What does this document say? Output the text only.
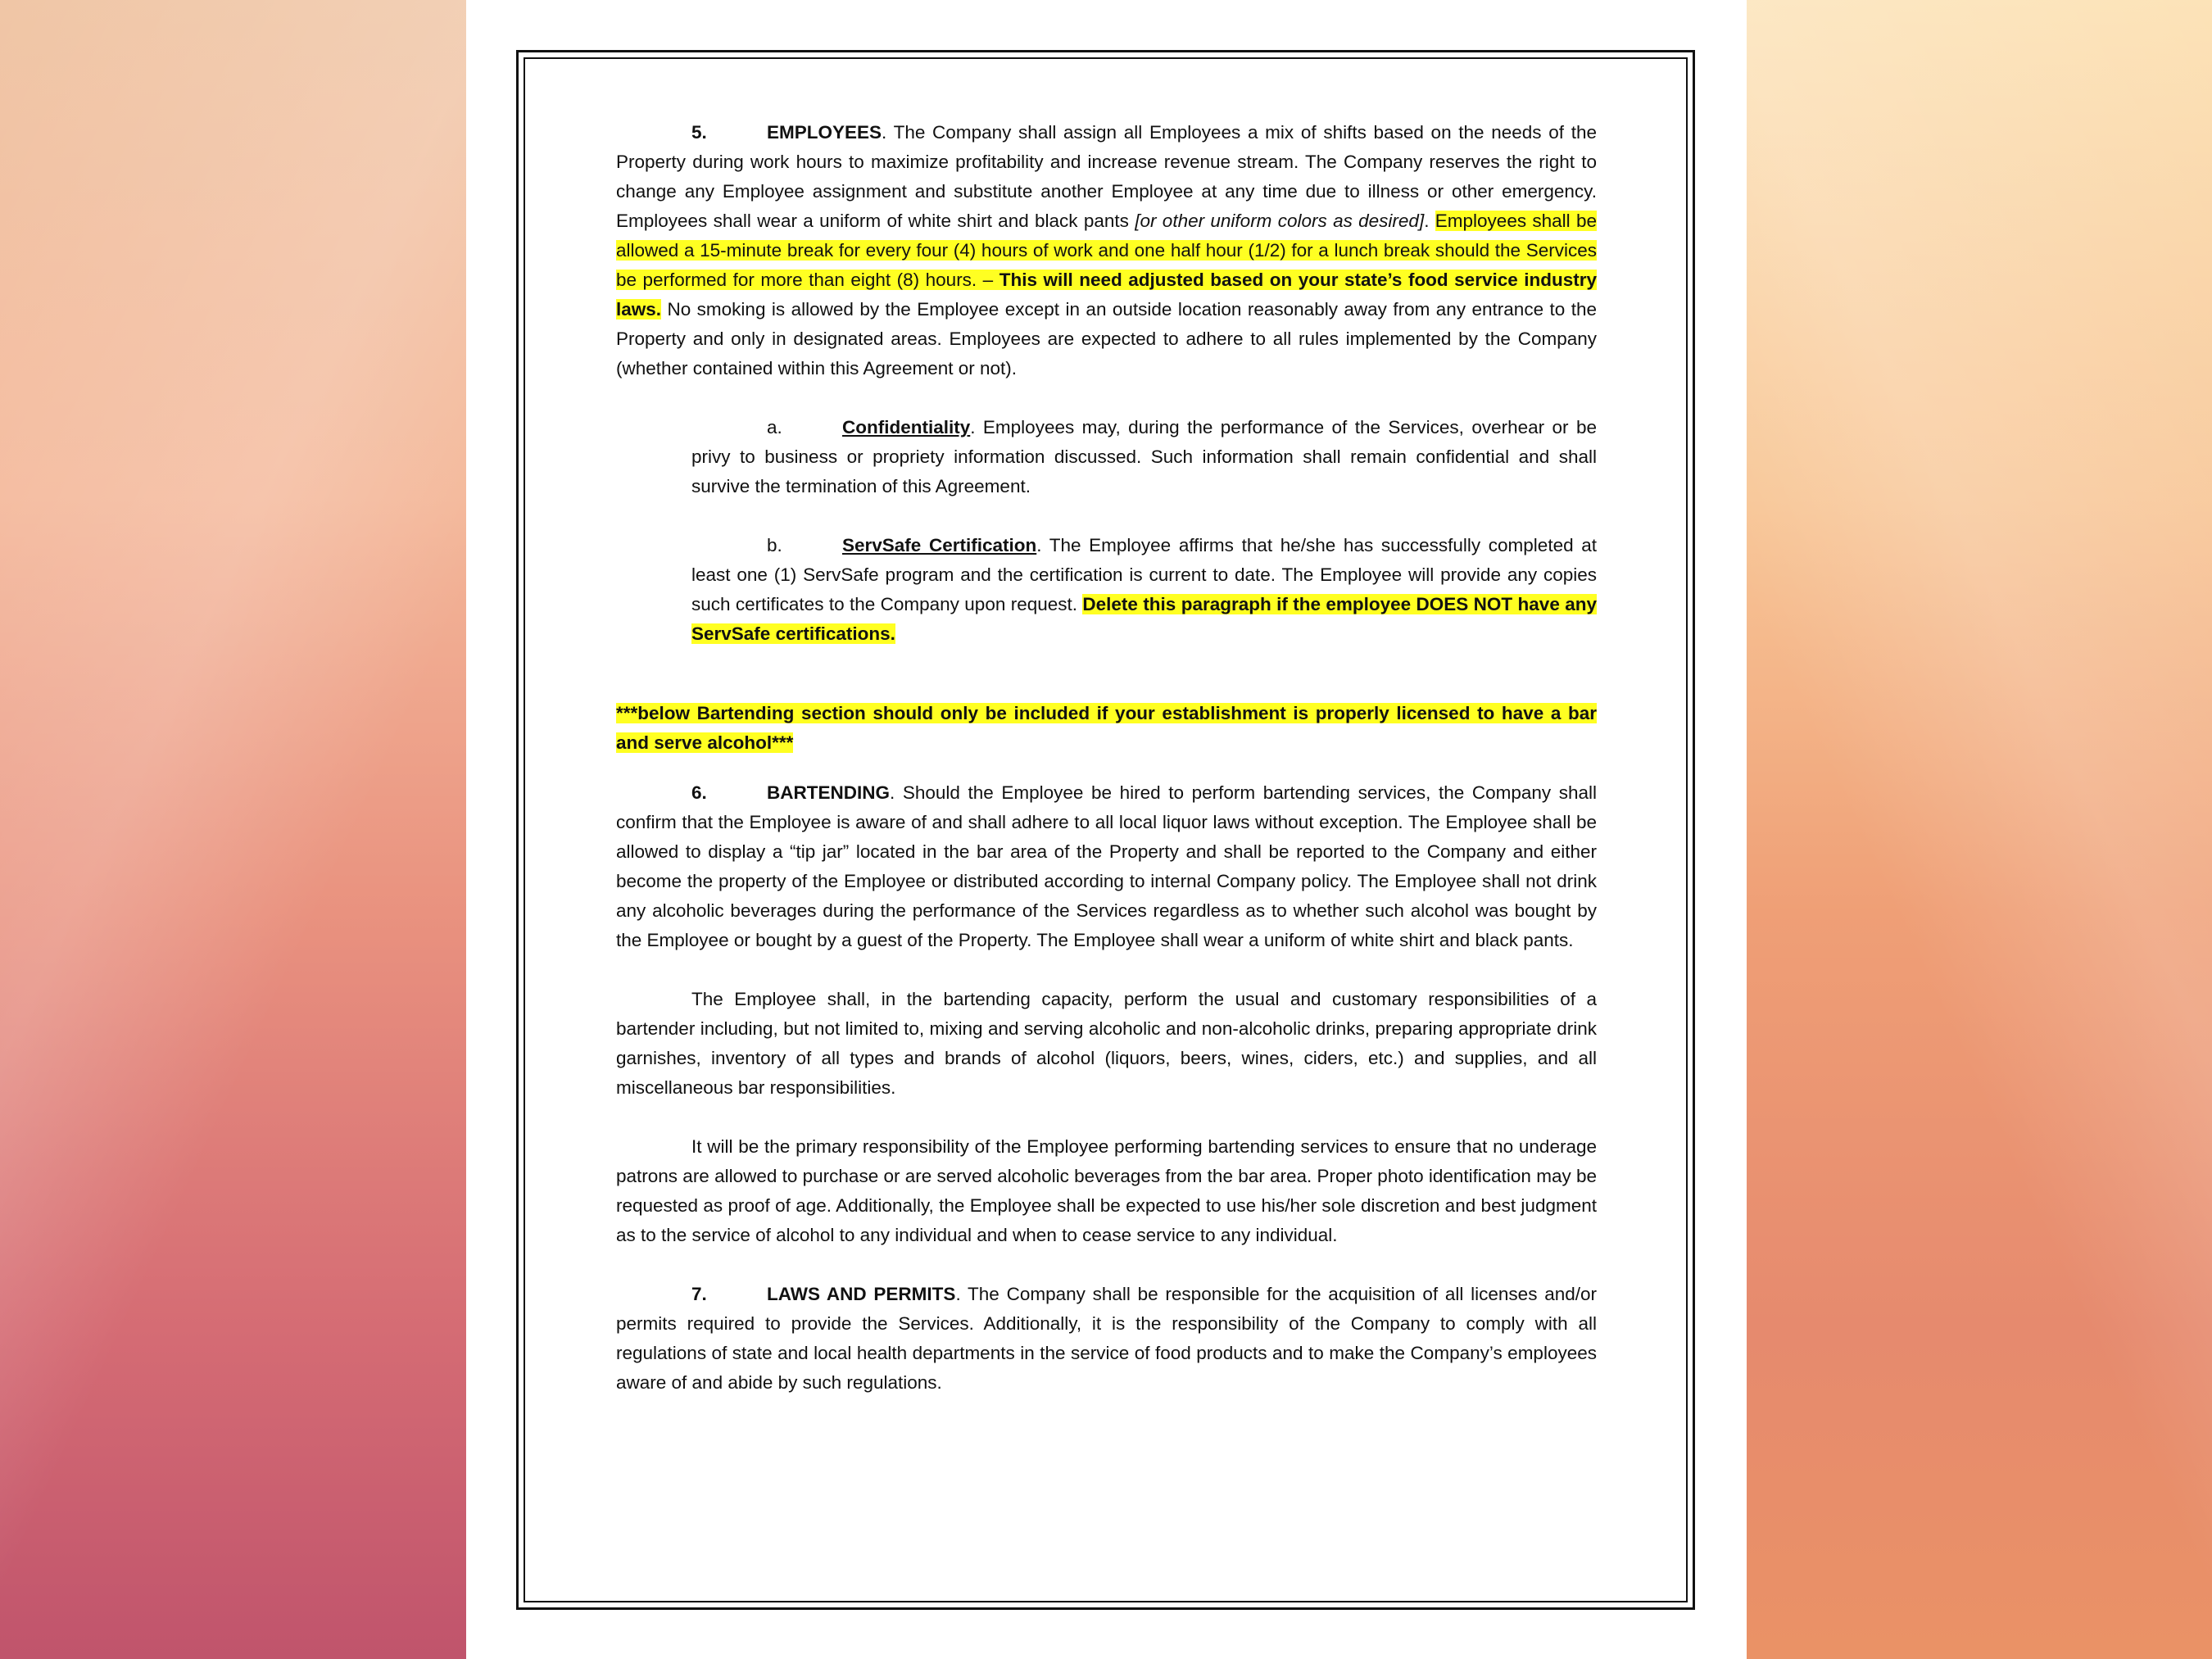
5.	EMPLOYEES. The Company shall assign all Employees a mix of shifts based on the needs of the Property during work hours to maximize profitability and increase revenue stream. The Company reserves the right to change any Employee assignment and substitute another Employee at any time due to illness or other emergency. Employees shall wear a uniform of white shirt and black pants [or other uniform colors as desired]. Employees shall be allowed a 15-minute break for every four (4) hours of work and one half hour (1/2) for a lunch break should the Services be performed for more than eight (8) hours. – This will need adjusted based on your state’s food service industry laws. No smoking is allowed by the Employee except in an outside location reasonably away from any entrance to the Property and only in designated areas. Employees are expected to adhere to all rules implemented by the Company (whether contained within this Agreement or not).

a.	Confidentiality. Employees may, during the performance of the Services, overhear or be privy to business or propriety information discussed. Such information shall remain confidential and shall survive the termination of this Agreement.

b.	ServSafe Certification. The Employee affirms that he/she has successfully completed at least one (1) ServSafe program and the certification is current to date. The Employee will provide any copies such certificates to the Company upon request. Delete this paragraph if the employee DOES NOT have any ServSafe certifications.

***below Bartending section should only be included if your establishment is properly licensed to have a bar and serve alcohol***

6.	BARTENDING. Should the Employee be hired to perform bartending services, the Company shall confirm that the Employee is aware of and shall adhere to all local liquor laws without exception. The Employee shall be allowed to display a “tip jar” located in the bar area of the Property and shall be reported to the Company and either become the property of the Employee or distributed according to internal Company policy. The Employee shall not drink any alcoholic beverages during the performance of the Services regardless as to whether such alcohol was bought by the Employee or bought by a guest of the Property. The Employee shall wear a uniform of white shirt and black pants.

The Employee shall, in the bartending capacity, perform the usual and customary responsibilities of a bartender including, but not limited to, mixing and serving alcoholic and non-alcoholic drinks, preparing appropriate drink garnishes, inventory of all types and brands of alcohol (liquors, beers, wines, ciders, etc.) and supplies, and all miscellaneous bar responsibilities.

It will be the primary responsibility of the Employee performing bartending services to ensure that no underage patrons are allowed to purchase or are served alcoholic beverages from the bar area. Proper photo identification may be requested as proof of age. Additionally, the Employee shall be expected to use his/her sole discretion and best judgment as to the service of alcohol to any individual and when to cease service to any individual.

7.	LAWS AND PERMITS. The Company shall be responsible for the acquisition of all licenses and/or permits required to provide the Services. Additionally, it is the responsibility of the Company to comply with all regulations of state and local health departments in the service of food products and to make the Company’s employees aware of and abide by such regulations.
